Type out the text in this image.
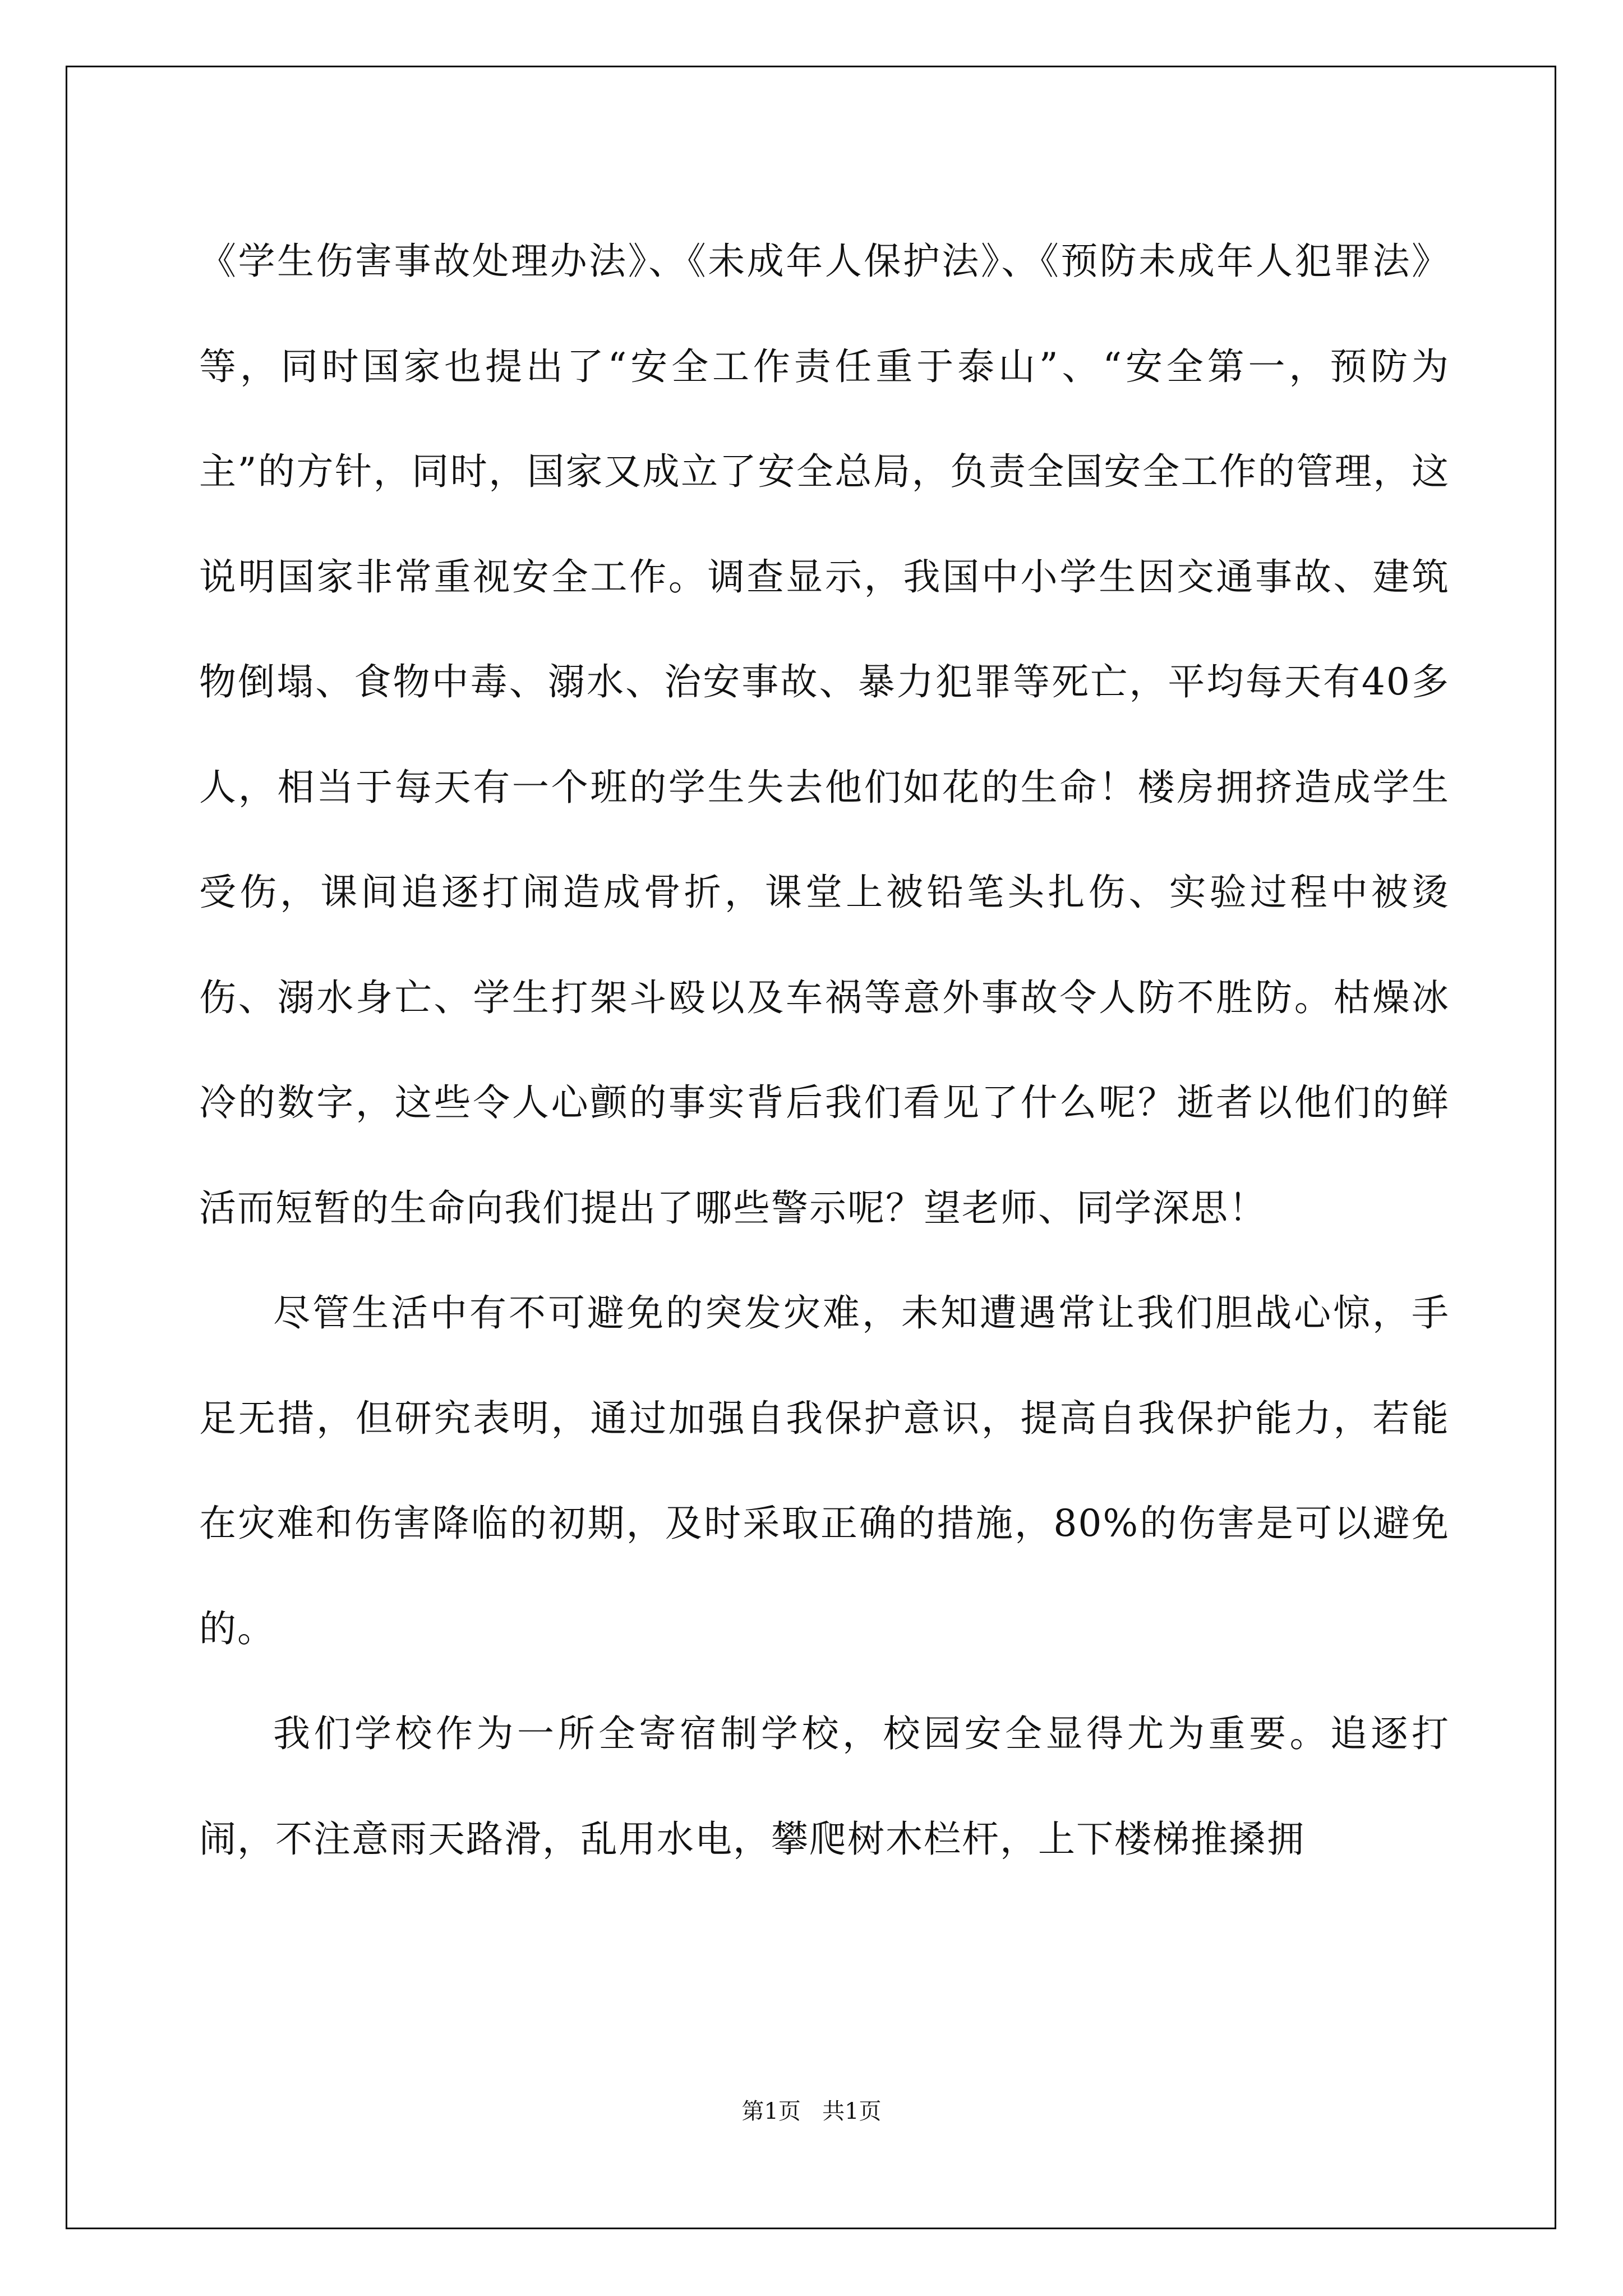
《学生伤害事故处理办法》、《未成年人保护法》、《预防未成年人犯罪法》等，同时国家也提出了“安全工作责任重于泰山”、“安全第一，预防为主”的方针，同时，国家又成立了安全总局，负责全国安全工作的管理，这说明国家非常重视安全工作。调查显示，我国中小学生因交通事故、建筑物倒塌、食物中毒、溺水、治安事故、暴力犯罪等死亡，平均每天有40多人，相当于每天有一个班的学生失去他们如花的生命！楼房拥挤造成学生受伤，课间追逐打闹造成骨折，课堂上被铅笔头扎伤、实验过程中被烫伤、溺水身亡、学生打架斗殴以及车祸等意外事故令人防不胜防。枯燥冰冷的数字，这些令人心颤的事实背后我们看见了什么呢？逝者以他们的鲜活而短暂的生命向我们提出了哪些警示呢？望老师、同学深思！

尽管生活中有不可避免的突发灾难，未知遭遇常让我们胆战心惊，手足无措，但研究表明，通过加强自我保护意识，提高自我保护能力，若能在灾难和伤害降临的初期，及时采取正确的措施，80%的伤害是可以避免的。

我们学校作为一所全寄宿制学校，校园安全显得尤为重要。追逐打闹，不注意雨天路滑，乱用水电，攀爬树木栏杆，上下楼梯推搡拥

第1页 共1页
